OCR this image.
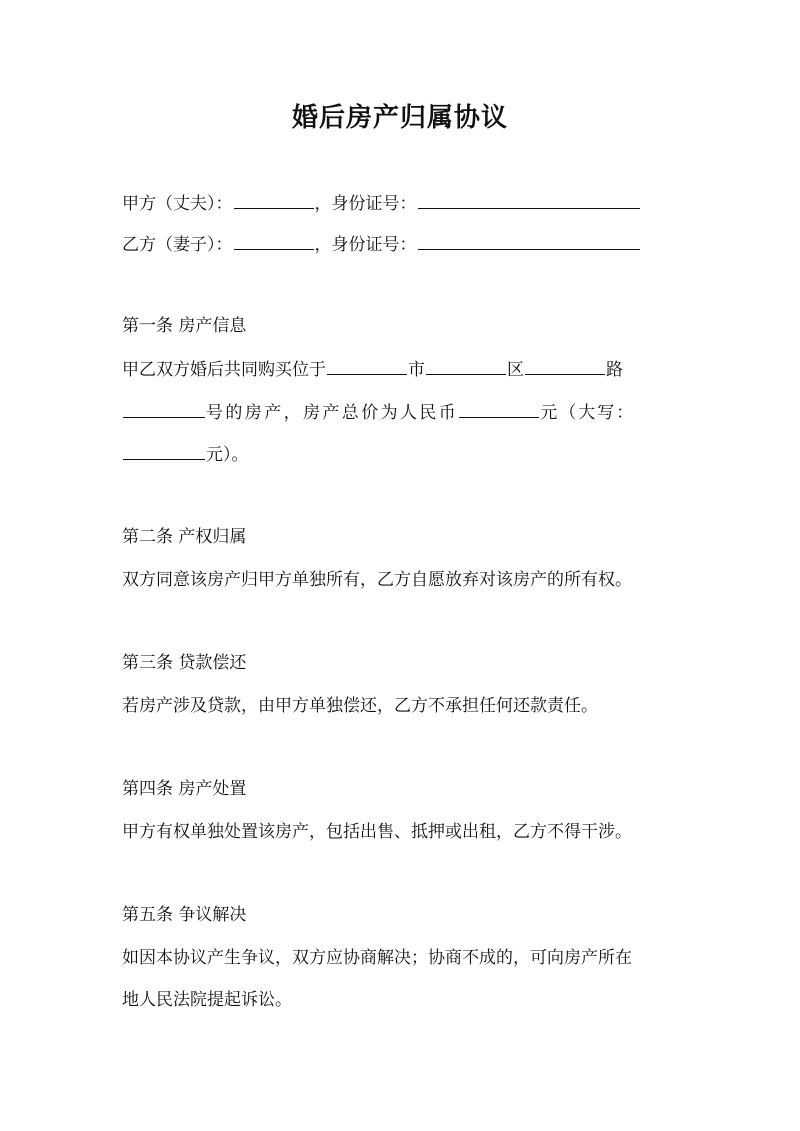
婚后房产归属协议
甲方（丈夫）：	，身份证号：
乙方（妻子）：	，身份证号：
第一条 房产信息
甲乙双方婚后共同购买位于	市	区	路
号的房产，房产总价为人民币	元（大写：
元）。
第二条 产权归属
双方同意该房产归甲方单独所有，乙方自愿放弃对该房产的所有权。
第三条 贷款偿还
若房产涉及贷款，由甲方单独偿还，乙方不承担任何还款责任。
第四条 房产处置
甲方有权单独处置该房产，包括出售、抵押或出租，乙方不得干涉。
第五条 争议解决
如因本协议产生争议，双方应协商解决；协商不成的，可向房产所在
地人民法院提起诉讼。
